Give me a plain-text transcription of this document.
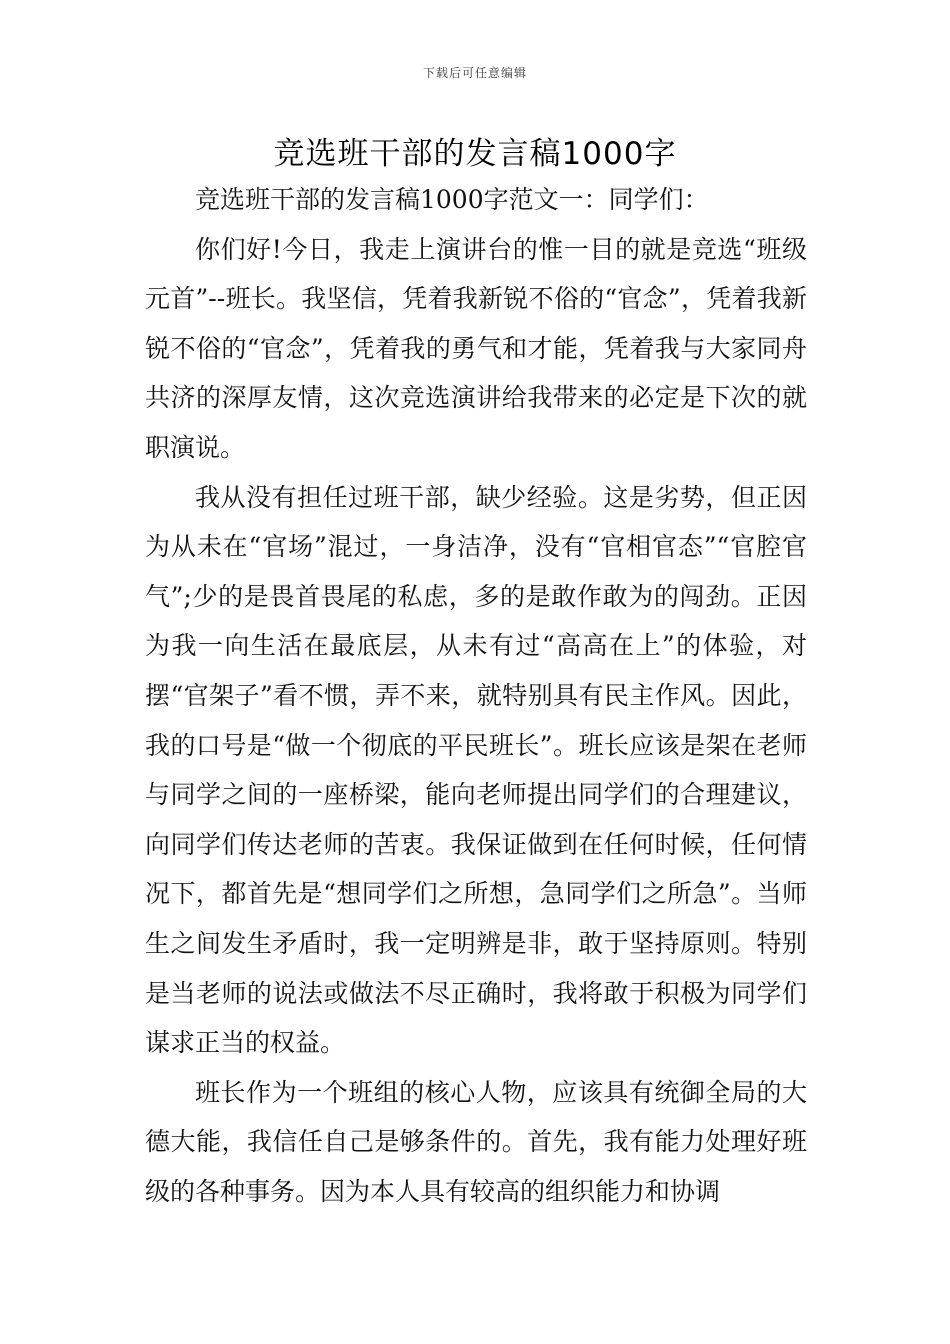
下载后可任意编辑
竞选班干部的发言稿1000字

竞选班干部的发言稿1000字范文一：同学们：

你们好!今日，我走上演讲台的惟一目的就是竞选“班级元首”--班长。我坚信，凭着我新锐不俗的“官念”，凭着我新锐不俗的“官念”，凭着我的勇气和才能，凭着我与大家同舟共济的深厚友情，这次竞选演讲给我带来的必定是下次的就职演说。

我从没有担任过班干部，缺少经验。这是劣势，但正因为从未在“官场”混过，一身洁净，没有“官相官态”“官腔官气”;少的是畏首畏尾的私虑，多的是敢作敢为的闯劲。正因为我一向生活在最底层，从未有过“高高在上”的体验，对摆“官架子”看不惯，弄不来，就特别具有民主作风。因此，我的口号是“做一个彻底的平民班长”。班长应该是架在老师与同学之间的一座桥梁，能向老师提出同学们的合理建议，向同学们传达老师的苦衷。我保证做到在任何时候，任何情况下，都首先是“想同学们之所想，急同学们之所急”。当师生之间发生矛盾时，我一定明辨是非，敢于坚持原则。特别是当老师的说法或做法不尽正确时，我将敢于积极为同学们谋求正当的权益。

班长作为一个班组的核心人物，应该具有统御全局的大德大能，我信任自己是够条件的。首先，我有能力处理好班级的各种事务。因为本人具有较高的组织能力和协调
